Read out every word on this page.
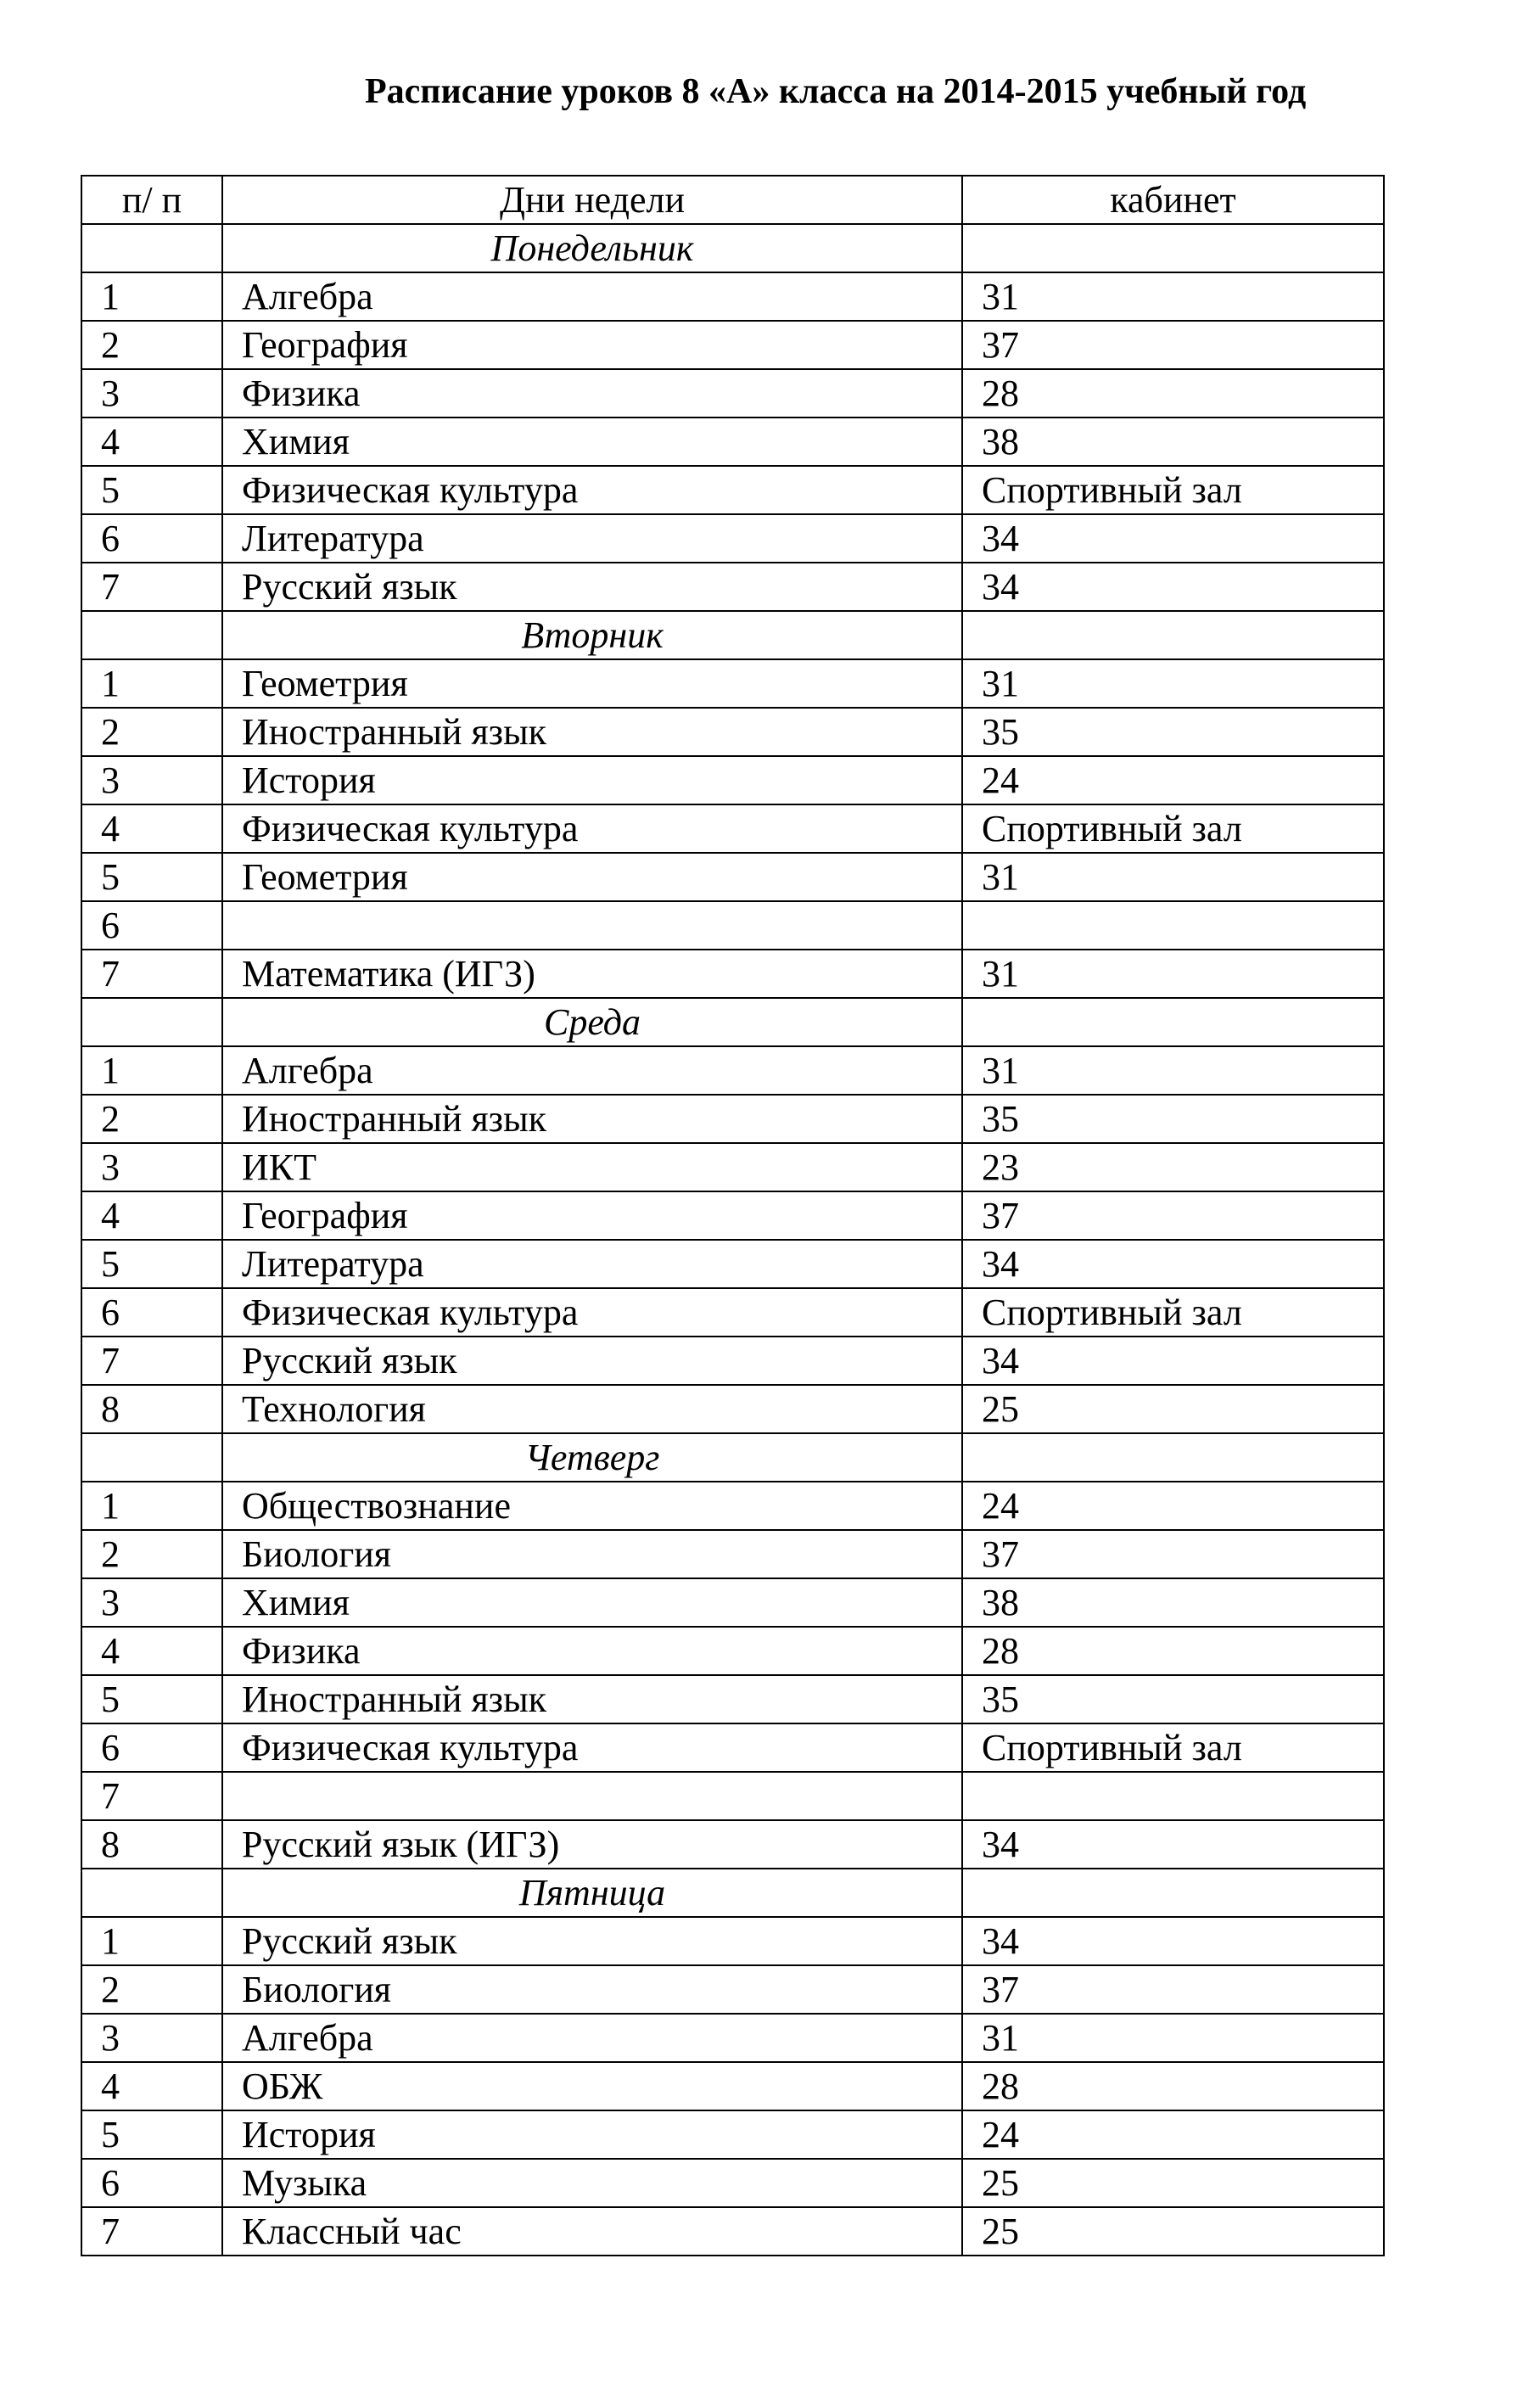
Расписание уроков 8 «А» класса на 2014-2015 учебный год
п/ п	Дни недели	кабинет
	Понедельник	
1	Алгебра	31
2	География	37
3	Физика	28
4	Химия	38
5	Физическая культура	Спортивный зал
6	Литература	34
7	Русский язык	34
	Вторник	
1	Геометрия	31
2	Иностранный язык	35
3	История	24
4	Физическая культура	Спортивный зал
5	Геометрия	31
6		
7	Математика (ИГЗ)	31
	Среда	
1	Алгебра	31
2	Иностранный язык	35
3	ИКТ	23
4	География	37
5	Литература	34
6	Физическая культура	Спортивный зал
7	Русский язык	34
8	Технология	25
	Четверг	
1	Обществознание	24
2	Биология	37
3	Химия	38
4	Физика	28
5	Иностранный язык	35
6	Физическая культура	Спортивный зал
7		
8	Русский язык (ИГЗ)	34
	Пятница	
1	Русский язык	34
2	Биология	37
3	Алгебра	31
4	ОБЖ	28
5	История	24
6	Музыка	25
7	Классный час	25
